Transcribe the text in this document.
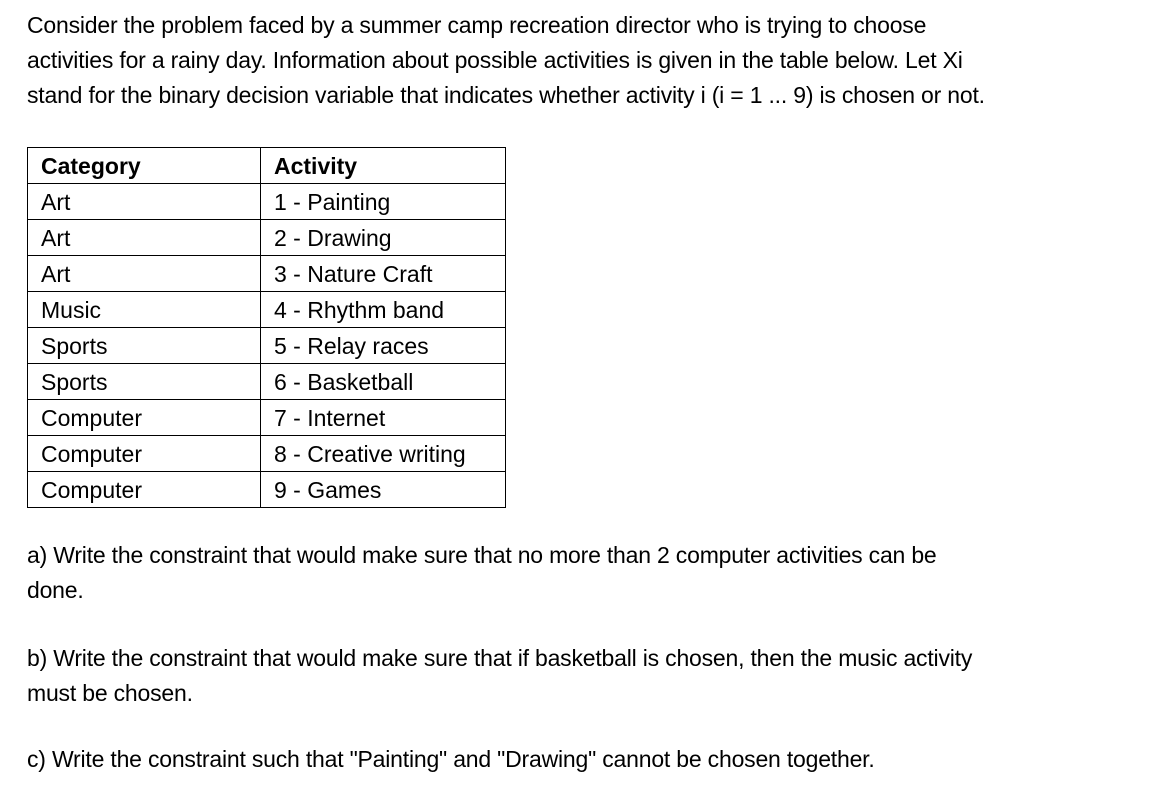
Consider the problem faced by a summer camp recreation director who is trying to choose
activities for a rainy day. Information about possible activities is given in the table below. Let Xi
stand for the binary decision variable that indicates whether activity i (i = 1 ... 9) is chosen or not.

Category	Activity
Art	1 - Painting
Art	2 - Drawing
Art	3 - Nature Craft
Music	4 - Rhythm band
Sports	5 - Relay races
Sports	6 - Basketball
Computer	7 - Internet
Computer	8 - Creative writing
Computer	9 - Games

a) Write the constraint that would make sure that no more than 2 computer activities can be
done.

b) Write the constraint that would make sure that if basketball is chosen, then the music activity
must be chosen.

c) Write the constraint such that "Painting" and "Drawing" cannot be chosen together.
